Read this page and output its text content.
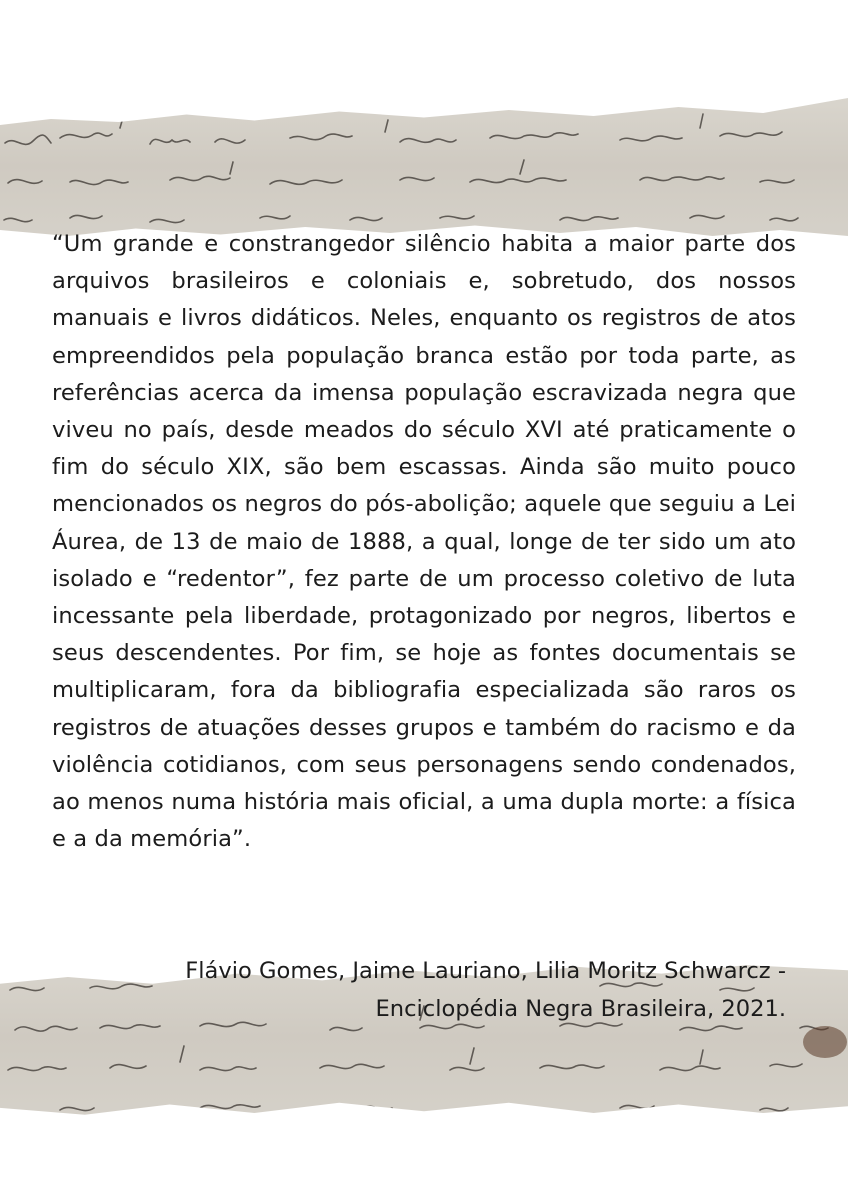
“Um grande e constrangedor silêncio habita a maior parte dos arquivos brasileiros e coloniais e, sobretudo, dos nossos manuais e livros didáticos. Neles, enquanto os registros de atos empreendidos pela população branca estão por toda parte, as referências acerca da imensa população escravizada negra que viveu no país, desde meados do século XVI até praticamente o fim do século XIX, são bem escassas. Ainda são muito pouco mencionados os negros do pós-abolição; aquele que seguiu a Lei Áurea, de 13 de maio de 1888, a qual, longe de ter sido um ato isolado e “redentor”, fez parte de um processo coletivo de luta incessante pela liberdade, protagonizado por negros, libertos e seus descendentes. Por fim, se hoje as fontes documentais se multiplicaram, fora da bibliografia especializada são raros os registros de atuações desses grupos e também do racismo e da violência cotidianos, com seus personagens sendo condenados, ao menos numa história mais oficial, a uma dupla morte: a física e a da memória”.

Flávio Gomes, Jaime Lauriano, Lilia Moritz Schwarcz -
Enciclopédia Negra Brasileira, 2021.
